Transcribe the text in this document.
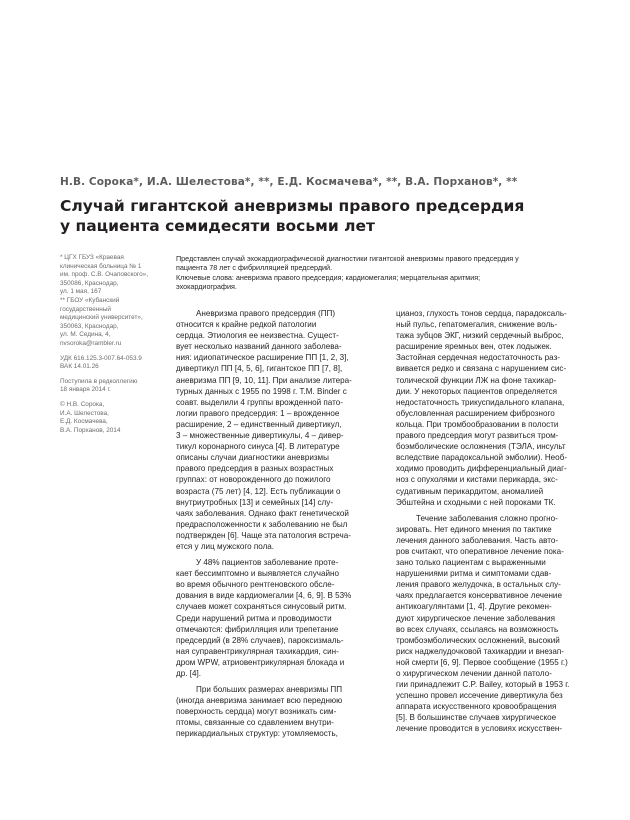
Н.В. Сорока*, И.А. Шелестова*, **, Е.Д. Космачева*, **, В.А. Порханов*, **
Случай гигантской аневризмы правого предсердия
у пациента семидесяти восьми лет
* ЦГХ ГБУЗ «Краевая
клиническая больница № 1
им. проф. С.В. Очаповского»,
350086, Краснодар,
ул. 1 мая, 167
** ГБОУ «Кубанский
государственный
медицинский университет»,
350063, Краснодар,
ул. М. Седина, 4,
nvsoroka@rambler.ru
УДК 616.125.3-007.64-053.9
ВАК 14.01.26
Поступила в редколлегию
18 января 2014 г.
© Н.В. Сорока,
И.А. Шелестова,
Е.Д. Космачева,
В.А. Порханов, 2014
Представлен случай эхокардиографической диагностики гигантской аневризмы правого предсердия у
пациента 78 лет с фибрилляцией предсердий.
Ключевые слова: аневризма правого предсердия; кардиомегалия; мерцательная аритмия;
эхокардиография.
Аневризма правого предсердия (ПП)
относится к крайне редкой патологии
сердца. Этиология ее неизвестна. Сущест-
вует несколько названий данного заболева-
ния: идиопатическое расширение ПП [1, 2, 3],
дивертикул ПП [4, 5, 6], гигантское ПП [7, 8],
аневризма ПП [9, 10, 11]. При анализе литера-
турных данных с 1955 по 1998 г. T.M. Binder с
соавт. выделили 4 группы врожденной пато-
логии правого предсердия: 1 – врожденное
расширение, 2 – единственный дивертикул,
3 – множественные дивертикулы, 4 – дивер-
тикул коронарного синуса [4]. В литературе
описаны случаи диагностики аневризмы
правого предсердия в разных возрастных
группах: от новорожденного до пожилого
возраста (75 лет) [4, 12]. Есть публикации о
внутриутробных [13] и семейных [14] слу-
чаях заболевания. Однако факт генетической
предрасположенности к заболеванию не был
подтвержден [6]. Чаще эта патология встреча-
ется у лиц мужского пола.
У 48% пациентов заболевание проте-
кает бессимптомно и выявляется случайно
во время обычного рентгеновского обсле-
дования в виде кардиомегалии [4, 6, 9]. В 53%
случаев может сохраняться синусовый ритм.
Среди нарушений ритма и проводимости
отмечаются: фибрилляция или трепетание
предсердий (в 28% случаев), пароксизмаль-
ная суправентрикулярная тахикардия, син-
дром WPW, атриовентрикулярная блокада и
др. [4].
При больших размерах аневризмы ПП
(иногда аневризма занимает всю переднюю
поверхность сердца) могут возникать сим-
птомы, связанные со сдавлением внутри-
перикардиальных структур: утомляемость,
цианоз, глухость тонов сердца, парадоксаль-
ный пульс, гепатомегалия, снижение воль-
тажа зубцов ЭКГ, низкий сердечный выброс,
расширение яремных вен, отек лодыжек.
Застойная сердечная недостаточность раз-
вивается редко и связана с нарушением сис-
толической функции ЛЖ на фоне тахикар-
дии. У некоторых пациентов определяется
недостаточность трикуспидального клапана,
обусловленная расширением фиброзного
кольца. При тромбообразовании в полости
правого предсердия могут развиться тром-
боэмболические осложнения (ТЭЛА, инсульт
вследствие парадоксальной эмболии). Необ-
ходимо проводить дифференциальный диаг-
ноз с опухолями и кистами перикарда, экс-
судативным перикардитом, аномалией
Эбштейна и сходными с ней пороками ТК.
Течение заболевания сложно прогно-
зировать. Нет единого мнения по тактике
лечения данного заболевания. Часть авто-
ров считают, что оперативное лечение пока-
зано только пациентам с выраженными
нарушениями ритма и симптомами сдав-
ления правого желудочка, в остальных слу-
чаях предлагается консервативное лечение
антикоагулянтами [1, 4]. Другие рекомен-
дуют хирургическое лечение заболевания
во всех случаях, ссылаясь на возможность
тромбоэмболических осложнений, высокий
риск наджелудочковой тахикардии и внезап-
ной смерти [6, 9]. Первое сообщение (1955 г.)
о хирургическом лечении данной патоло-
гии принадлежит C.P. Bailey, который в 1953 г.
успешно провел иссечение дивертикула без
аппарата искусственного кровообращения
[5]. В большинстве случаев хирургическое
лечение проводится в условиях искусствен-
